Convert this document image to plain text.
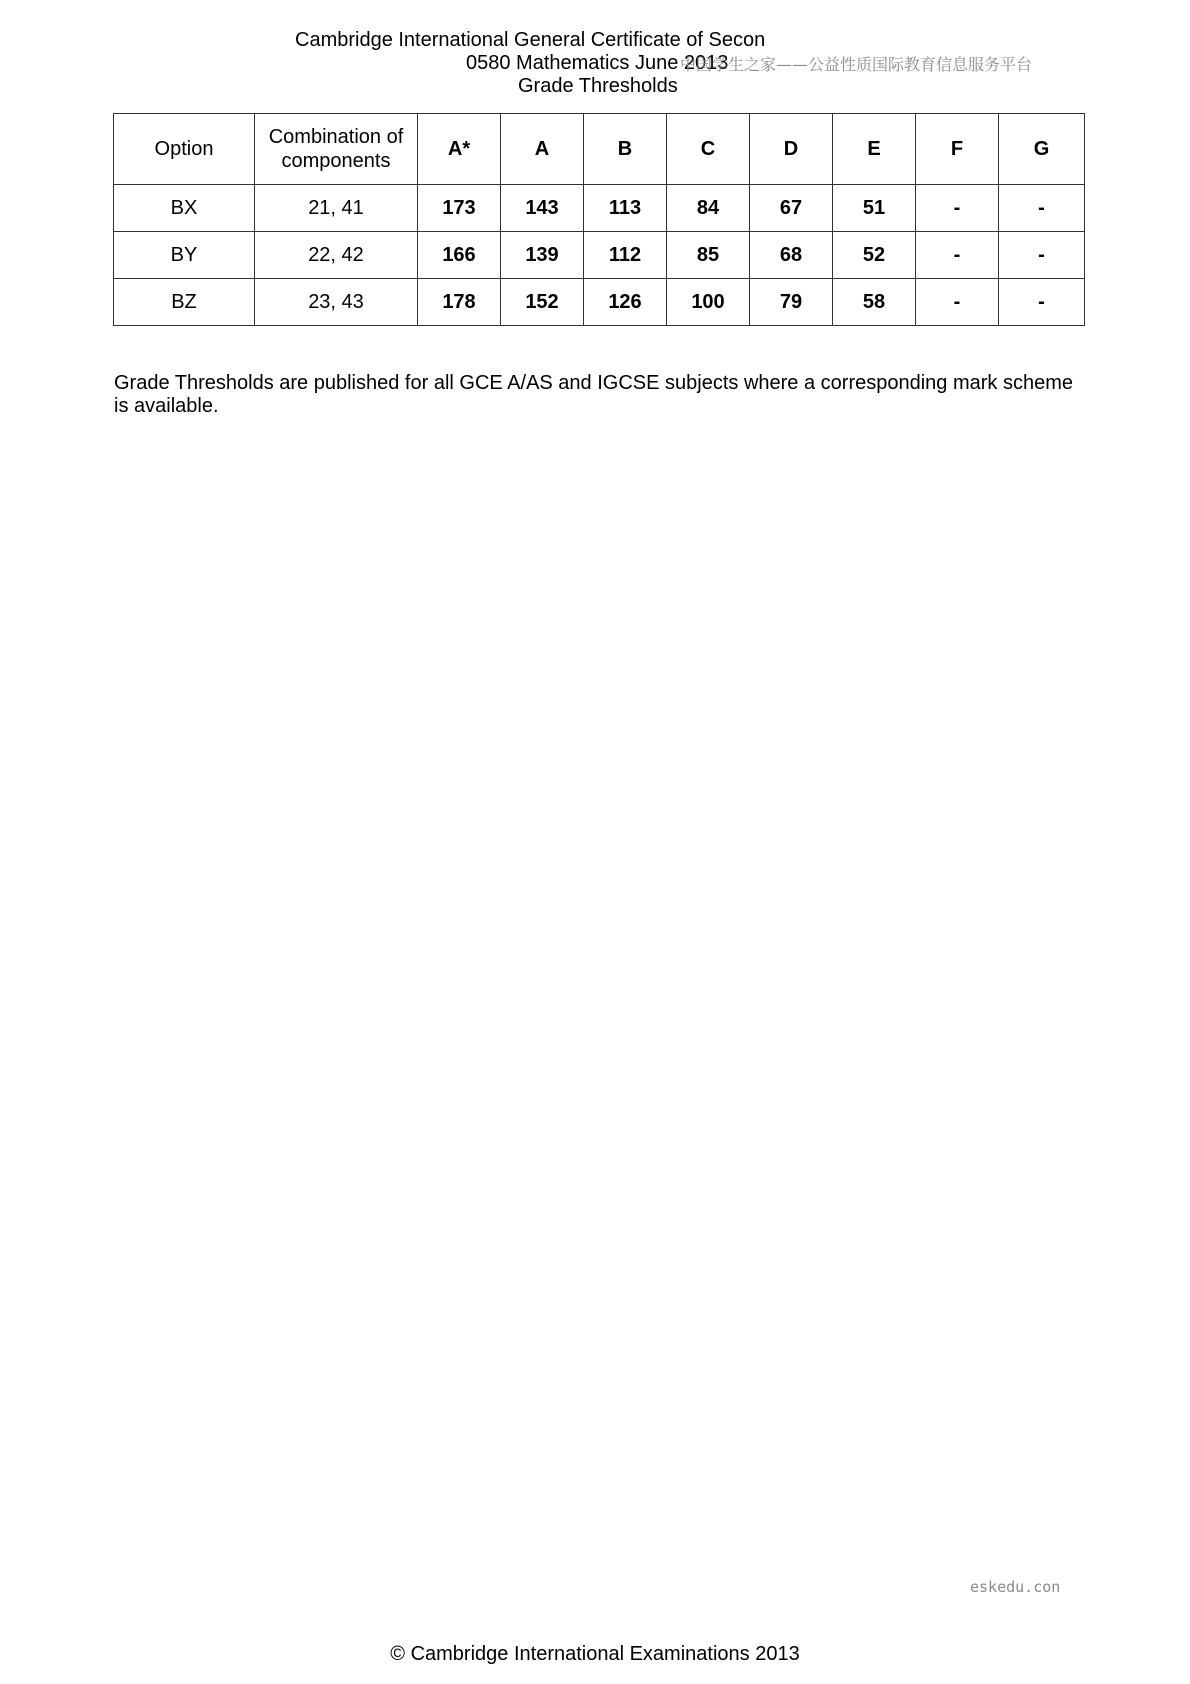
Cambridge International General Certificate of Secon
0580 Mathematics June 2013
Grade Thresholds
中国学生之家——公益性质国际教育信息服务平台
Option	Combination of components	A*	A	B	C	D	E	F	G
BX	21, 41	173	143	113	84	67	51	-	-
BY	22, 42	166	139	112	85	68	52	-	-
BZ	23, 43	178	152	126	100	79	58	-	-
Grade Thresholds are published for all GCE A/AS and IGCSE subjects where a corresponding mark scheme is available.
eskedu.con
© Cambridge International Examinations 2013
